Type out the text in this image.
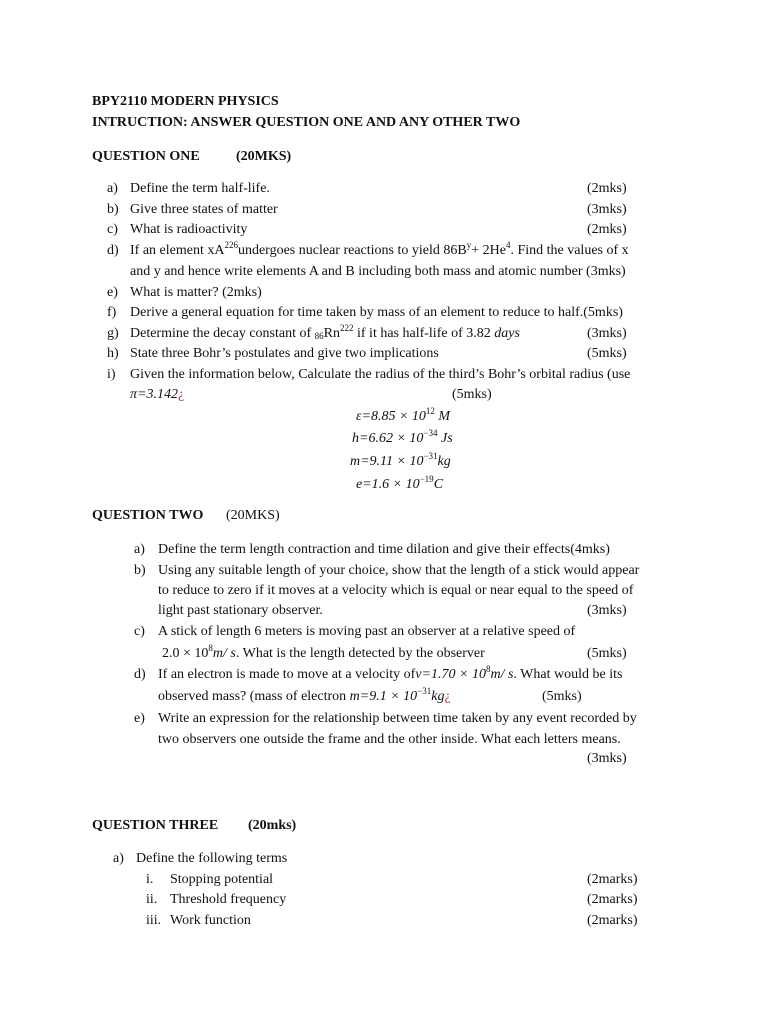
BPY2110 MODERN PHYSICS
INTRUCTION: ANSWER QUESTION ONE AND ANY OTHER TWO
QUESTION ONE	(20MKS)
a) Define the term half-life.	(2mks)
b) Give three states of matter	(3mks)
c) What is radioactivity	(2mks)
d) If an element $xA^{226}undergoes$ nuclear reactions to yield $86B^y+ 2He^4$. Find the values of x
and y and hence write elements A and B including both mass and atomic number (3mks)
e) What is matter? (2mks)
f) Derive a general equation for time taken by mass of an element to reduce to half.(5mks)
g) Determine the decay constant of $_{86}Rn^{222}$ if it has half-life of 3.82 days	(3mks)
h) State three Bohr’s postulates and give two implications	(5mks)
i) Given the information below, Calculate the radius of the third’s Bohr’s orbital radius (use
π=3.142¿	(5mks)
$\varepsilon=8.85 \times 10^{12}$ M
$h=6.62 \times 10^{-34}$ Js
$m=9.11 \times 10^{-31}kg$
$e=1.6 \times 10^{-19}C$
QUESTION TWO (20MKS)
a) Define the term length contraction and time dilation and give their effects(4mks)
b) Using any suitable length of your choice, show that the length of a stick would appear
to reduce to zero if it moves at a velocity which is equal or near equal to the speed of
light past stationary observer.	(3mks)
c) A stick of length 6 meters is moving past an observer at a relative speed of
$2.0 \times 10^8m/$ s. What is the length detected by the observer	(5mks)
d) If an electron is made to move at a velocity $ofv=1.70 \times 10^8m/$ s. What would be its
observed mass? (mass of electron $m=9.1 \times 10^{-31}kg¿$	(5mks)
e) Write an expression for the relationship between time taken by any event recorded by
two observers one outside the frame and the other inside. What each letters means.
(3mks)
QUESTION THREE (20mks)
a) Define the following terms
i. Stopping potential	(2marks)
ii. Threshold frequency	(2marks)
iii. Work function	(2marks)
